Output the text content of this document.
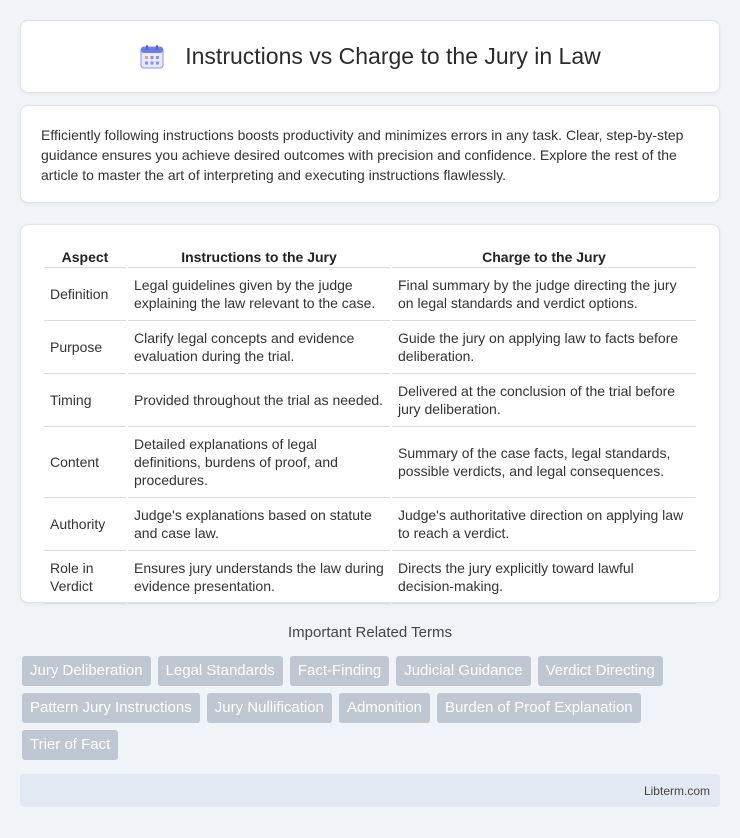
Instructions vs Charge to the Jury in Law

Efficiently following instructions boosts productivity and minimizes errors in any task. Clear, step-by-step guidance ensures you achieve desired outcomes with precision and confidence. Explore the rest of the article to master the art of interpreting and executing instructions flawlessly.

Aspect	Instructions to the Jury	Charge to the Jury
Definition	Legal guidelines given by the judge explaining the law relevant to the case.	Final summary by the judge directing the jury on legal standards and verdict options.
Purpose	Clarify legal concepts and evidence evaluation during the trial.	Guide the jury on applying law to facts before deliberation.
Timing	Provided throughout the trial as needed.	Delivered at the conclusion of the trial before jury deliberation.
Content	Detailed explanations of legal definitions, burdens of proof, and procedures.	Summary of the case facts, legal standards, possible verdicts, and legal consequences.
Authority	Judge's explanations based on statute and case law.	Judge's authoritative direction on applying law to reach a verdict.
Role in Verdict	Ensures jury understands the law during evidence presentation.	Directs the jury explicitly toward lawful decision-making.
Important Related Terms
Jury Deliberation	Legal Standards	Fact-Finding	Judicial Guidance	Verdict Directing
Pattern Jury Instructions	Jury Nullification	Admonition	Burden of Proof Explanation
Trier of Fact
Libterm.com
